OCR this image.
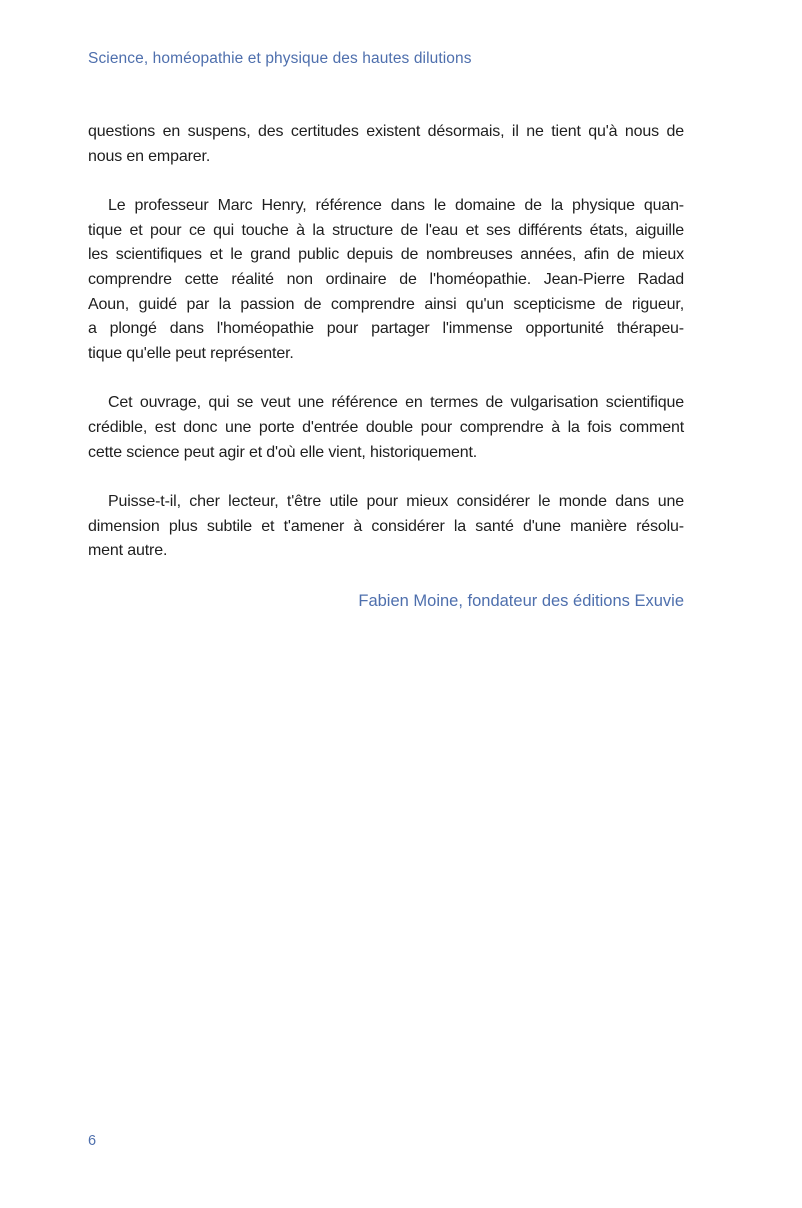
Science, homéopathie et physique des hautes dilutions
questions en suspens, des certitudes existent désormais, il ne tient qu'à nous de
nous en emparer.
Le professeur Marc Henry, référence dans le domaine de la physique quan-
tique et pour ce qui touche à la structure de l'eau et ses différents états, aiguille
les scientifiques et le grand public depuis de nombreuses années, afin de mieux
comprendre cette réalité non ordinaire de l'homéopathie. Jean-Pierre Radad
Aoun, guidé par la passion de comprendre ainsi qu'un scepticisme de rigueur,
a plongé dans l'homéopathie pour partager l'immense opportunité thérapeu-
tique qu'elle peut représenter.
Cet ouvrage, qui se veut une référence en termes de vulgarisation scientifique
crédible, est donc une porte d'entrée double pour comprendre à la fois comment
cette science peut agir et d'où elle vient, historiquement.
Puisse-t-il, cher lecteur, t'être utile pour mieux considérer le monde dans une
dimension plus subtile et t'amener à considérer la santé d'une manière résolu-
ment autre.
Fabien Moine, fondateur des éditions Exuvie
6
